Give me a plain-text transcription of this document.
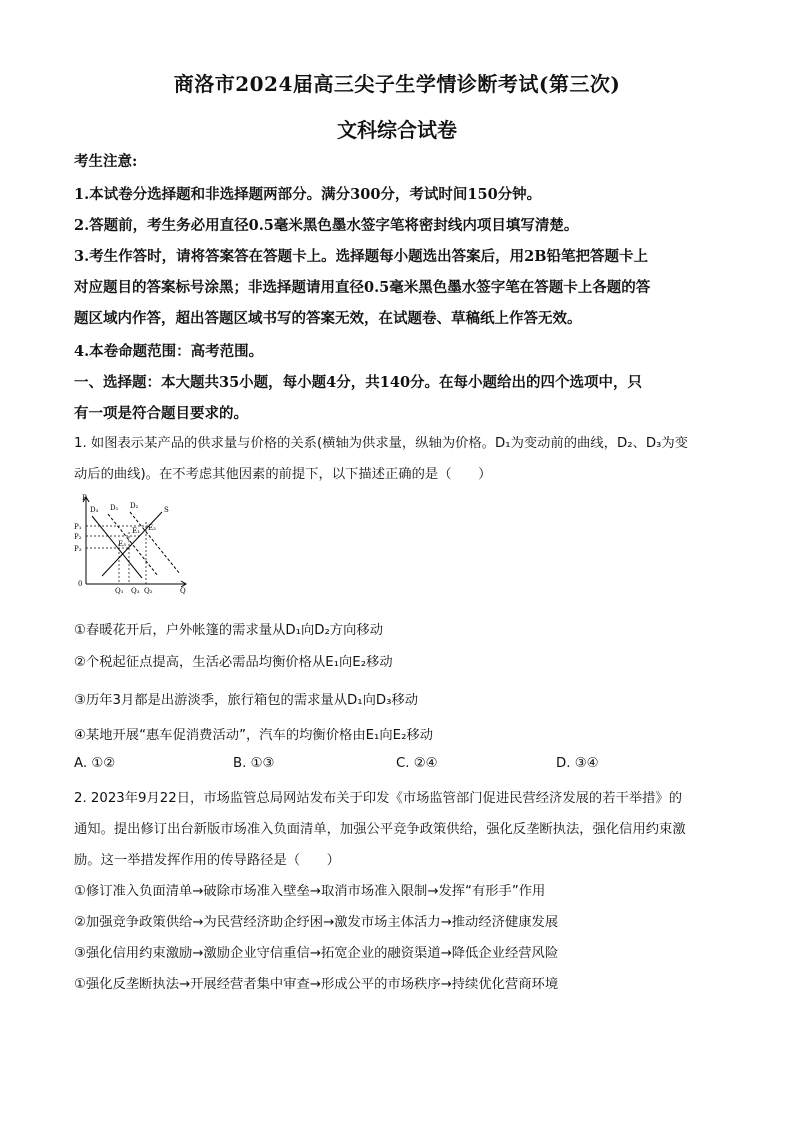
商洛市2024届高三尖子生学情诊断考试(第三次)
文科综合试卷
考生注意:
1.本试卷分选择题和非选择题两部分。满分300分，考试时间150分钟。
2.答题前，考生务必用直径0.5毫米黑色墨水签字笔将密封线内项目填写清楚。
3.考生作答时，请将答案答在答题卡上。选择题每小题选出答案后，用2B铅笔把答题卡上
对应题目的答案标号涂黑；非选择题请用直径0.5毫米黑色墨水签字笔在答题卡上各题的答
题区域内作答，超出答题区域书写的答案无效，在试题卷、草稿纸上作答无效。
4.本卷命题范围：高考范围。
一、选择题：本大题共35小题，每小题4分，共140分。在每小题给出的四个选项中，只
有一项是符合题目要求的。
1. 如图表示某产品的供求量与价格的关系(横轴为供求量，纵轴为价格。D₁为变动前的曲线，D₂、D₃为变
动后的曲线)。在不考虑其他因素的前提下，以下描述正确的是（　　）
P
D₃ D₁ D₂	S
P₁
P₂
P₃
E₂
E₁
E₃
0
Q₁ Q₃ Q₂	Q
①春暖花开后，户外帐篷的需求量从D₁向D₂方向移动
②个税起征点提高，生活必需品均衡价格从E₁向E₂移动
③历年3月都是出游淡季，旅行箱包的需求量从D₁向D₃移动
④某地开展“惠车促消费活动”，汽车的均衡价格由E₁向E₂移动
A. ①②	B. ①③	C. ②④	D. ③④
2. 2023年9月22日，市场监管总局网站发布关于印发《市场监管部门促进民营经济发展的若干举措》的
通知。提出修订出台新版市场准入负面清单，加强公平竞争政策供给，强化反垄断执法，强化信用约束激
励。这一举措发挥作用的传导路径是（　　）
①修订准入负面清单→破除市场准入壁垒→取消市场准入限制→发挥“有形手”作用
②加强竞争政策供给→为民营经济助企纾困→激发市场主体活力→推动经济健康发展
③强化信用约束激励→激励企业守信重信→拓宽企业的融资渠道→降低企业经营风险
①强化反垄断执法→开展经营者集中审查→形成公平的市场秩序→持续优化营商环境
